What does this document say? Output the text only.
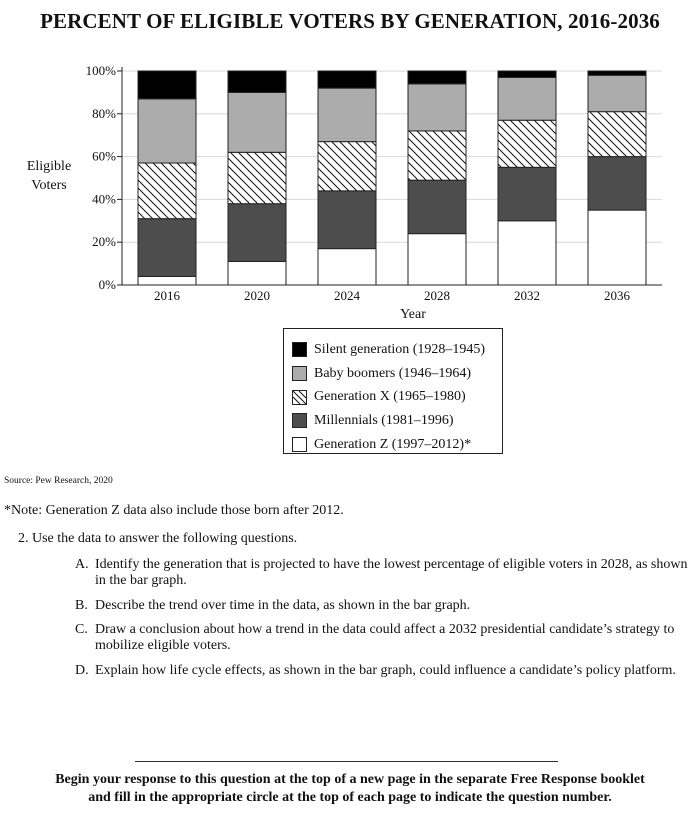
PERCENT OF ELIGIBLE VOTERS BY GENERATION, 2016-2036
0%
20%
40%
60%
80%
100%
2016	2020	2024	2028	2032	2036
Year
Eligible
Voters
Silent generation (1928–1945)
Baby boomers (1946–1964)
Generation X (1965–1980)
Millennials (1981–1996)
Generation Z (1997–2012)*
Source: Pew Research, 2020
*Note: Generation Z data also include those born after 2012.
2. Use the data to answer the following questions.
A. Identify the generation that is projected to have the lowest percentage of eligible voters in 2028, as shown in the bar graph.
B. Describe the trend over time in the data, as shown in the bar graph.
C. Draw a conclusion about how a trend in the data could affect a 2032 presidential candidate’s strategy to mobilize eligible voters.
D. Explain how life cycle effects, as shown in the bar graph, could influence a candidate’s policy platform.
Begin your response to this question at the top of a new page in the separate Free Response booklet
and fill in the appropriate circle at the top of each page to indicate the question number.
